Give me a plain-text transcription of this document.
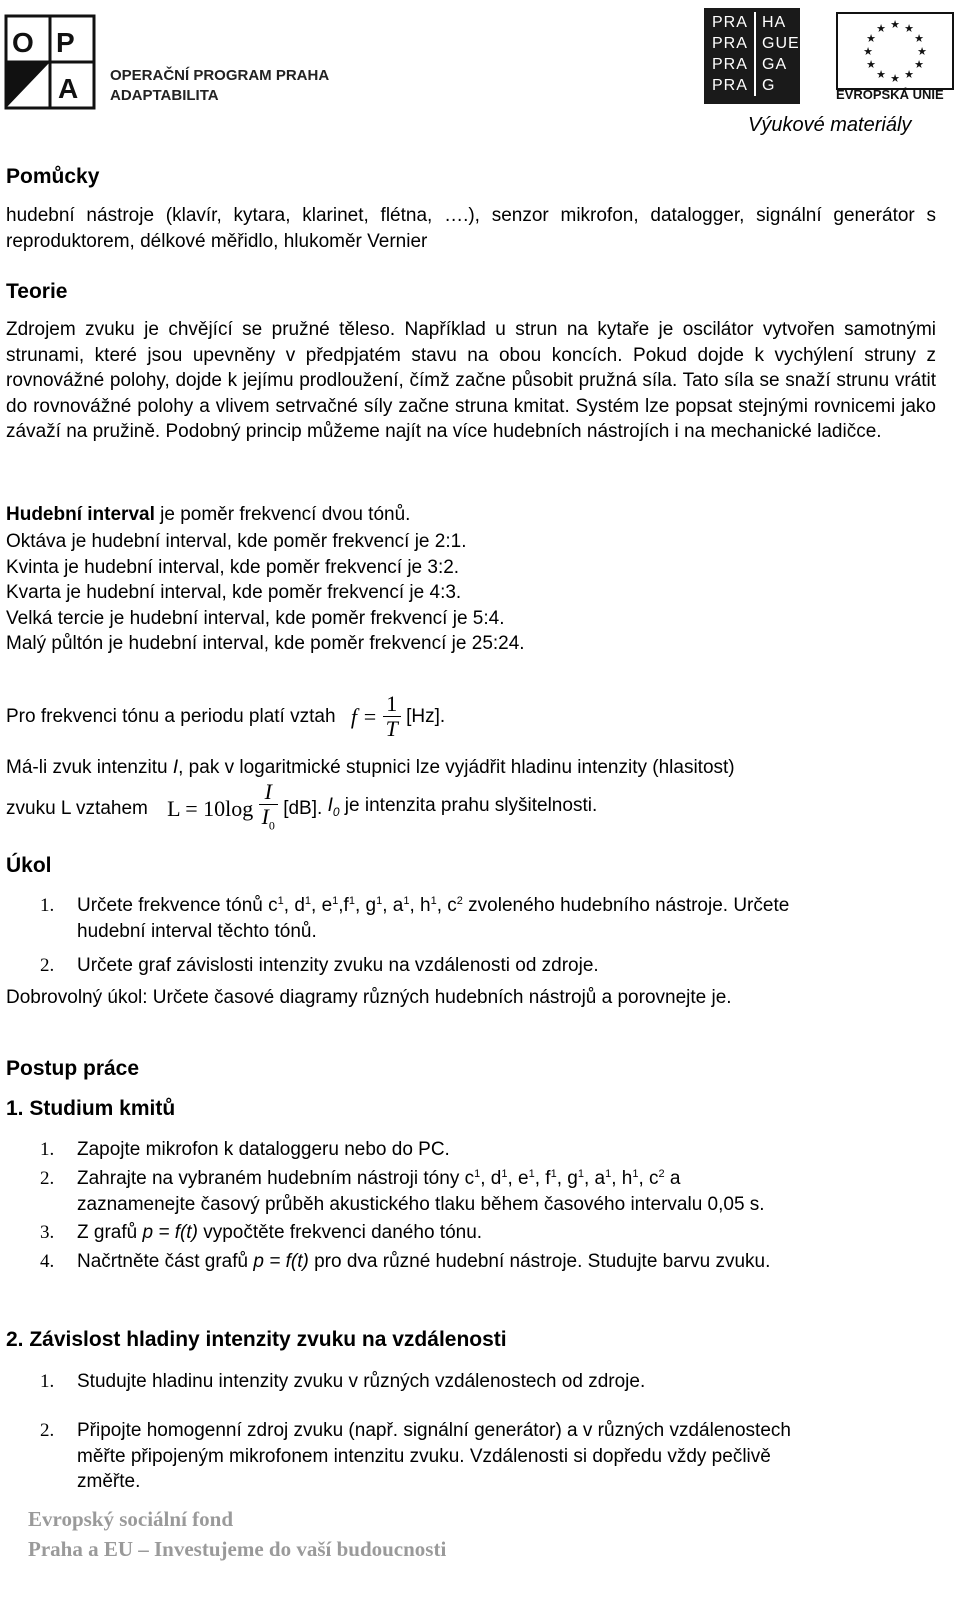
O P
A OPERAČNÍ PROGRAM PRAHA
ADAPTABILITA
PRA HA
PRA GUE
PRA GA
PRA G
★ ★
★
★
★
★
★
★
★
★
★
★
EVROPSKÁ UNIE
Výukové materiály
Pomůcky
hudební nástroje (klavír, kytara, klarinet, flétna, ….), senzor mikrofon, datalogger, signální generátor s reproduktorem, délkové měřidlo, hlukoměr Vernier
Teorie
Zdrojem zvuku je chvějící se pružné těleso. Například u strun na kytaře je oscilátor vytvořen samotnými strunami, které jsou upevněny v předpjatém stavu na obou koncích. Pokud dojde k vychýlení struny z rovnovážné polohy, dojde k jejímu prodloužení, čímž začne působit pružná síla. Tato síla se snaží strunu vrátit do rovnovážné polohy a vlivem setrvačné síly začne struna kmitat. Systém lze popsat stejnými rovnicemi jako závaží na pružině. Podobný princip můžeme najít na více hudebních nástrojích i na mechanické ladičce.
Hudební interval je poměr frekvencí dvou tónů.
Oktáva je hudební interval, kde poměr frekvencí je 2:1.
Kvinta je hudební interval, kde poměr frekvencí je 3:2.
Kvarta je hudební interval, kde poměr frekvencí je 4:3.
Velká tercie je hudební interval, kde poměr frekvencí je 5:4.
Malý půltón je hudební interval, kde poměr frekvencí je 25:24.
Pro frekvenci tónu a periodu platí vztah $f = \frac{1}{T} [Hz]$.
Má-li zvuk intenzitu I, pak v logaritmické stupnici lze vyjádřit hladinu intenzity (hlasitost)
zvuku L vztahem $L = 10\log \frac{I}{I_0} [dB]$. $I_0$ je intenzita prahu slyšitelnosti.
Úkol
1. Určete frekvence tónů $c^1$, $d^1$, $e^1,f^1$, $g^1$, $a^1$, $h^1$, $c^2$ zvoleného hudebního nástroje. Určete
hudební interval těchto tónů.
2. Určete graf závislosti intenzity zvuku na vzdálenosti od zdroje.
Dobrovolný úkol: Určete časové diagramy různých hudebních nástrojů a porovnejte je.
Postup práce
1. Studium kmitů
1. Zapojte mikrofon k dataloggeru nebo do PC.
2. Zahrajte na vybraném hudebním nástroji tóny $c^1$, $d^1$, $e^1$, $f^1$, $g^1$, $a^1$, $h^1$, $c^2$ a
zaznamenejte časový průběh akustického tlaku během časového intervalu 0,05 s.
3. Z grafů p = f(t) vypočtěte frekvenci daného tónu.
4. Načrtněte část grafů p = f(t) pro dva různé hudební nástroje. Studujte barvu zvuku.
2. Závislost hladiny intenzity zvuku na vzdálenosti
1. Studujte hladinu intenzity zvuku v různých vzdálenostech od zdroje.
2. Připojte homogenní zdroj zvuku (např. signální generátor) a v různých vzdálenostech
měřte připojeným mikrofonem intenzitu zvuku. Vzdálenosti si dopředu vždy pečlivě
změřte.
Evropský sociální fond
Praha a EU – Investujeme do vaší budoucnosti
